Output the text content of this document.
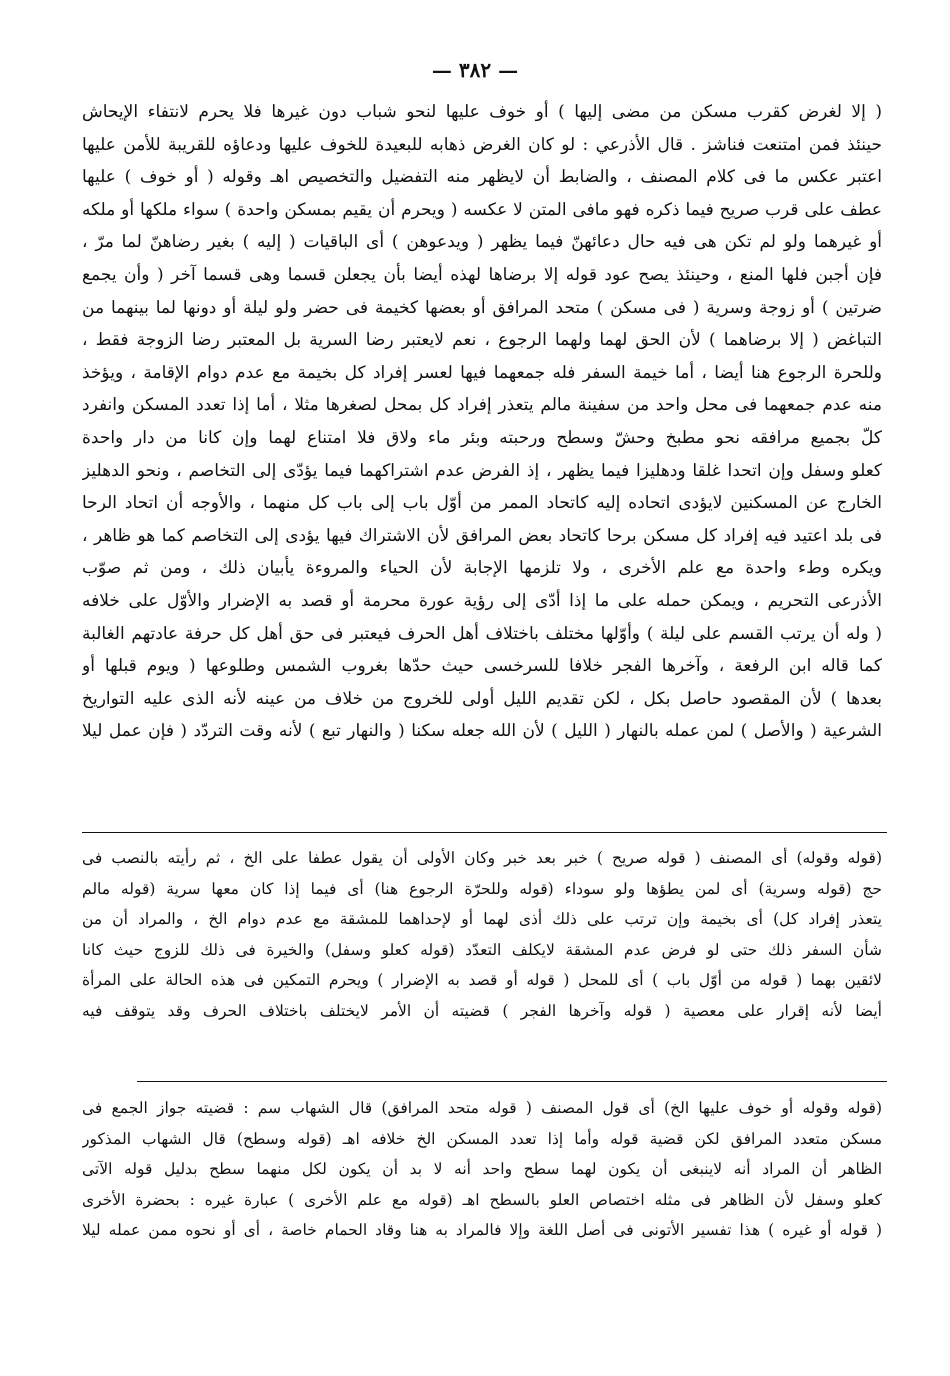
— ٣٨٢ —
( إلا لغرض كقرب مسكن من مضى إليها ) أو خوف عليها لنحو شباب دون غيرها فلا يحرم لانتفاء الإيحاش
حينئذ فمن امتنعت فناشز . قال الأذرعي : لو كان الغرض ذهابه للبعيدة للخوف عليها ودعاؤه للقريبة للأمن عليها
اعتبر عكس ما فى كلام المصنف ، والضابط أن لايظهر منه التفضيل والتخصيص اهـ وقوله ( أو خوف ) عليها
عطف على قرب صريح فيما ذكره فهو مافى المتن لا عكسه ( ويحرم أن يقيم بمسكن واحدة ) سواء ملكها أو ملكه
أو غيرهما ولو لم تكن هى فيه حال دعائهنّ فيما يظهر ( ويدعوهن ) أى الباقيات ( إليه ) بغير رضاهنّ لما مرّ ،
فإن أجبن فلها المنع ، وحينئذ يصح عود قوله إلا برضاها لهذه أيضا بأن يجعلن قسما وهى قسما آخر ( وأن يجمع
ضرتين ) أو زوجة وسرية ( فى مسكن ) متحد المرافق أو بعضها كخيمة فى حضر ولو ليلة أو دونها لما بينهما من
التباغض ( إلا برضاهما ) لأن الحق لهما ولهما الرجوع ، نعم لايعتبر رضا السرية بل المعتبر رضا الزوجة فقط ،
وللحرة الرجوع هنا أيضا ، أما خيمة السفر فله جمعهما فيها لعسر إفراد كل بخيمة مع عدم دوام الإقامة ، ويؤخذ
منه عدم جمعهما فى محل واحد من سفينة مالم يتعذر إفراد كل بمحل لصغرها مثلا ، أما إذا تعدد المسكن وانفرد
كلّ بجميع مرافقه نحو مطبخ وحشّ وسطح ورحبته وبئر ماء ولاق فلا امتناع لهما وإن كانا من دار واحدة
كعلو وسفل وإن اتحدا غلقا ودهليزا فيما يظهر ، إذ الفرض عدم اشتراكهما فيما يؤدّى إلى التخاصم ، ونحو الدهليز
الخارج عن المسكنين لايؤدى اتحاده إليه كاتحاد الممر من أوّل باب إلى باب كل منهما ، والأوجه أن اتحاد الرحا
فى بلد اعتيد فيه إفراد كل مسكن برحا كاتحاد بعض المرافق لأن الاشتراك فيها يؤدى إلى التخاصم كما هو ظاهر ،
ويكره وطء واحدة مع علم الأخرى ، ولا تلزمها الإجابة لأن الحياء والمروءة يأبيان ذلك ، ومن ثم صوّب
الأذرعى التحريم ، ويمكن حمله على ما إذا أدّى إلى رؤية عورة محرمة أو قصد به الإضرار والأوّل على خلافه
( وله أن يرتب القسم على ليلة ) وأوّلها مختلف باختلاف أهل الحرف فيعتبر فى حق أهل كل حرفة عادتهم الغالبة
كما قاله ابن الرفعة ، وآخرها الفجر خلافا للسرخسى حيث حدّها بغروب الشمس وطلوعها ( ويوم قبلها أو
بعدها ) لأن المقصود حاصل بكل ، لكن تقديم الليل أولى للخروج من خلاف من عينه لأنه الذى عليه التواريخ
الشرعية ( والأصل ) لمن عمله بالنهار ( الليل ) لأن الله جعله سكنا ( والنهار تبع ) لأنه وقت التردّد ( فإن عمل ليلا
(قوله وقوله) أى المصنف ( قوله صريح ) خبر بعد خبر وكان الأولى أن يقول عطفا على الخ ، ثم رأيته بالنصب فى
حج (قوله وسرية) أى لمن يطؤها ولو سوداء (قوله وللحرّة الرجوع هنا) أى فيما إذا كان معها سرية (قوله مالم
يتعذر إفراد كل) أى بخيمة وإن ترتب على ذلك أذى لهما أو لإحداهما للمشقة مع عدم دوام الخ ، والمراد أن من
شأن السفر ذلك حتى لو فرض عدم المشقة لايكلف التعدّد (قوله كعلو وسفل) والخيرة فى ذلك للزوج حيث كانا
لائقين بهما ( قوله من أوّل باب ) أى للمحل ( قوله أو قصد به الإضرار ) ويحرم التمكين فى هذه الحالة على المرأة
أيضا لأنه إقرار على معصية ( قوله وآخرها الفجر ) قضيته أن الأمر لايختلف باختلاف الحرف وقد يتوقف فيه
(قوله وقوله أو خوف عليها الخ) أى قول المصنف ( قوله متحد المرافق) قال الشهاب سم : قضيته جواز الجمع فى
مسكن متعدد المرافق لكن قضية قوله وأما إذا تعدد المسكن الخ خلافه اهـ (قوله وسطح) قال الشهاب المذكور
الظاهر أن المراد أنه لاينبغى أن يكون لهما سطح واحد أنه لا بد أن يكون لكل منهما سطح بدليل قوله الآتى
كعلو وسفل لأن الظاهر فى مثله اختصاص العلو بالسطح اهـ (قوله مع علم الأخرى ) عبارة غيره : بحضرة الأخرى
( قوله أو غيره ) هذا تفسير الأتونى فى أصل اللغة وإلا فالمراد به هنا وقاد الحمام خاصة ، أى أو نحوه ممن عمله ليلا
